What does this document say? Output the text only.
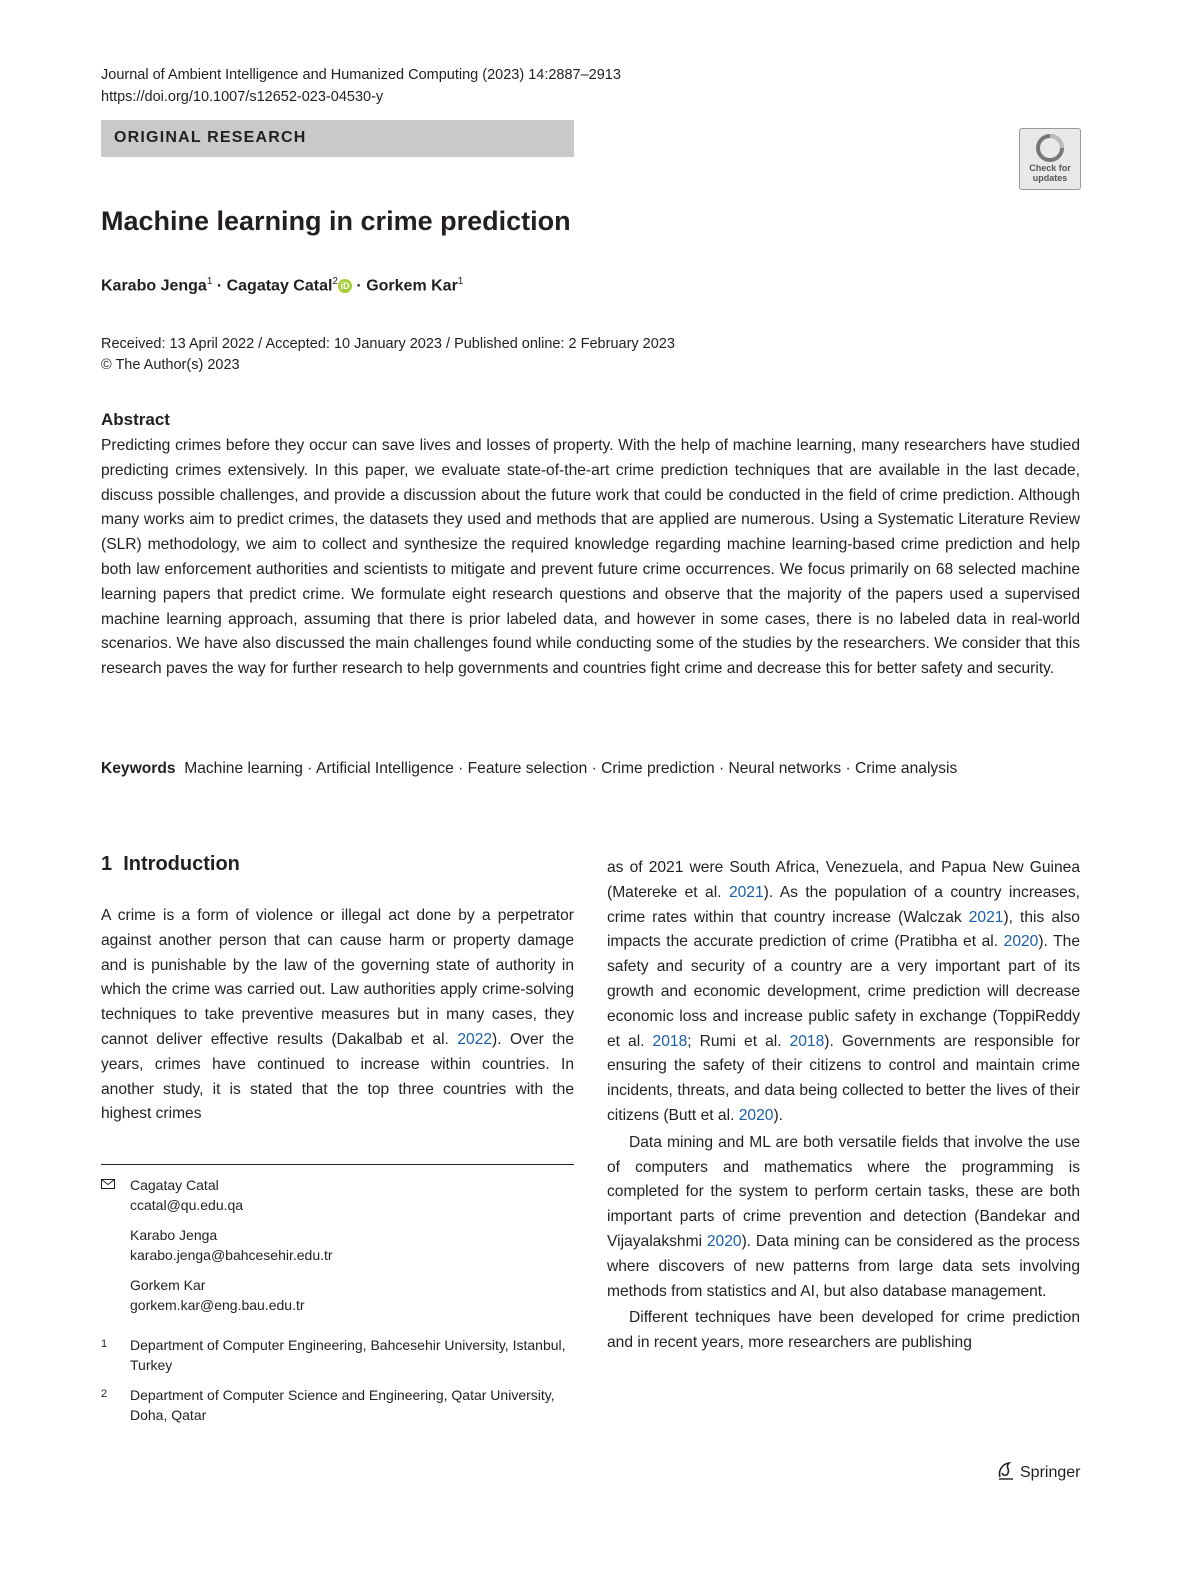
Journal of Ambient Intelligence and Humanized Computing (2023) 14:2887–2913
https://doi.org/10.1007/s12652-023-04530-y
ORIGINAL RESEARCH
Check for
updates
Machine learning in crime prediction
Karabo Jenga$^1$ · Cagatay Catal$^2$ iD · Gorkem Kar$^1$
Received: 13 April 2022 / Accepted: 10 January 2023 / Published online: 2 February 2023
© The Author(s) 2023
Abstract
Predicting crimes before they occur can save lives and losses of property. With the help of machine learning, many researchers have studied predicting crimes extensively. In this paper, we evaluate state-of-the-art crime prediction techniques that are available in the last decade, discuss possible challenges, and provide a discussion about the future work that could be conducted in the field of crime prediction. Although many works aim to predict crimes, the datasets they used and methods that are applied are numerous. Using a Systematic Literature Review (SLR) methodology, we aim to collect and synthesize the required knowledge regarding machine learning-based crime prediction and help both law enforcement authorities and scientists to mitigate and prevent future crime occurrences. We focus primarily on 68 selected machine learning papers that predict crime. We formulate eight research questions and observe that the majority of the papers used a supervised machine learning approach, assuming that there is prior labeled data, and however in some cases, there is no labeled data in real-world scenarios. We have also discussed the main challenges found while conducting some of the studies by the researchers. We consider that this research paves the way for further research to help governments and countries fight crime and decrease this for better safety and security.
Keywords Machine learning · Artificial Intelligence · Feature selection · Crime prediction · Neural networks · Crime analysis
1 Introduction

A crime is a form of violence or illegal act done by a perpetrator against another person that can cause harm or property damage and is punishable by the law of the governing state of authority in which the crime was carried out. Law authorities apply crime-solving techniques to take preventive measures but in many cases, they cannot deliver effective results (Dakalbab et al. 2022). Over the years, crimes have continued to increase within countries. In another study, it is stated that the top three countries with the highest crimes

Cagatay Catal
ccatal@qu.edu.qa
Karabo Jenga
karabo.jenga@bahcesehir.edu.tr
Gorkem Kar
gorkem.kar@eng.bau.edu.tr
1 Department of Computer Engineering, Bahcesehir University, Istanbul, Turkey
2 Department of Computer Science and Engineering, Qatar University, Doha, Qatar

as of 2021 were South Africa, Venezuela, and Papua New Guinea (Matereke et al. 2021). As the population of a country increases, crime rates within that country increase (Walczak 2021), this also impacts the accurate prediction of crime (Pratibha et al. 2020). The safety and security of a country are a very important part of its growth and economic development, crime prediction will decrease economic loss and increase public safety in exchange (ToppiReddy et al. 2018; Rumi et al. 2018). Governments are responsible for ensuring the safety of their citizens to control and maintain crime incidents, threats, and data being collected to better the lives of their citizens (Butt et al. 2020).

Data mining and ML are both versatile fields that involve the use of computers and mathematics where the programming is completed for the system to perform certain tasks, these are both important parts of crime prevention and detection (Bandekar and Vijayalakshmi 2020). Data mining can be considered as the process where discovers of new patterns from large data sets involving methods from statistics and AI, but also database management.

Different techniques have been developed for crime prediction and in recent years, more researchers are publishing

Springer
